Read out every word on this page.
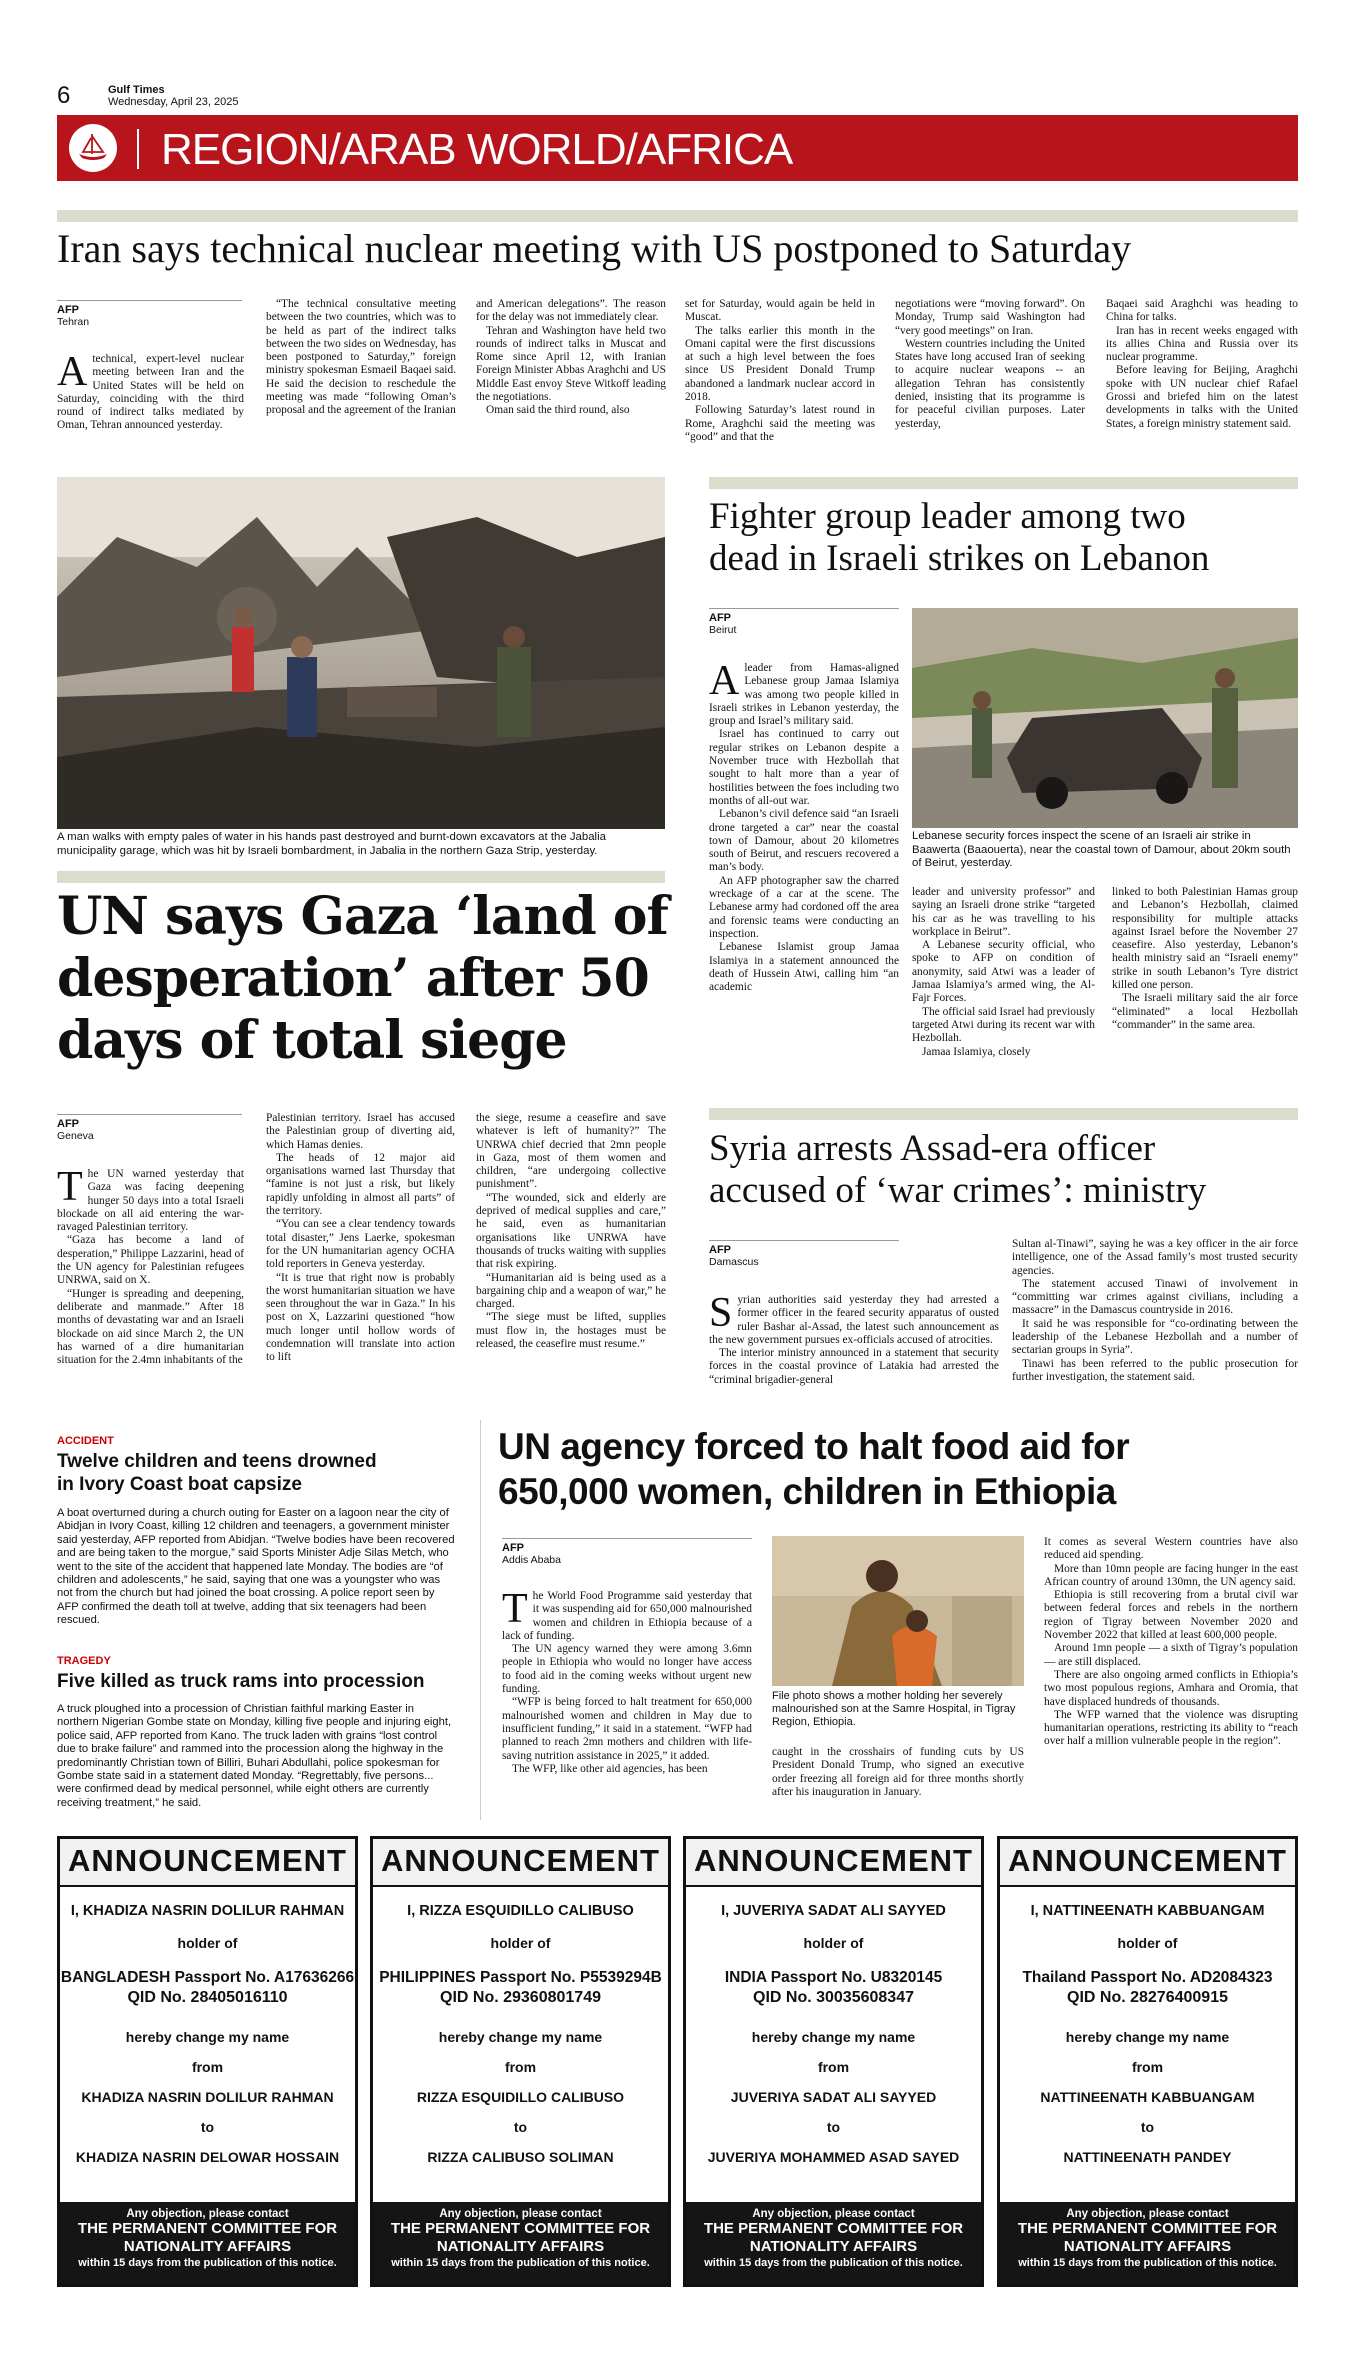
6	Gulf Times
Wednesday, April 23, 2025
REGION/ARAB WORLD/AFRICA
Iran says technical nuclear meeting with US postponed to Saturday
AFP
Tehran
Atechnical, expert-level nuclear meeting between Iran and the United States will be held on Saturday, coinciding with the third round of indirect talks mediated by Oman, Tehran announced yesterday.

“The technical consultative meeting between the two countries, which was to be held as part of the indirect talks between the two sides on Wednesday, has been postponed to Saturday,” foreign ministry spokesman Esmaeil Baqaei said. He said the decision to reschedule the meeting was made “following Oman’s proposal and the agreement of the Iranian

and American delegations”. The reason for the delay was not immediately clear.

Tehran and Washington have held two rounds of indirect talks in Muscat and Rome since April 12, with Iranian Foreign Minister Abbas Araghchi and US Middle East envoy Steve Witkoff leading the negotiations.

Oman said the third round, also

set for Saturday, would again be held in Muscat.

The talks earlier this month in the Omani capital were the first discussions at such a high level between the foes since US President Donald Trump abandoned a landmark nuclear accord in 2018.

Following Saturday’s latest round in Rome, Araghchi said the meeting was “good” and that the

negotiations were “moving forward”. On Monday, Trump said Washington had “very good meetings” on Iran.

Western countries including the United States have long accused Iran of seeking to acquire nuclear weapons -- an allegation Tehran has consistently denied, insisting that its programme is for peaceful civilian purposes. Later yesterday,

Baqaei said Araghchi was heading to China for talks.

Iran has in recent weeks engaged with its allies China and Russia over its nuclear programme.

Before leaving for Beijing, Araghchi spoke with UN nuclear chief Rafael Grossi and briefed him on the latest developments in talks with the United States, a foreign ministry statement said.

A man walks with empty pales of water in his hands past destroyed and burnt-down excavators at the Jabalia municipality garage, which was hit by Israeli bombardment, in Jabalia in the northern Gaza Strip, yesterday.
UN says Gaza ‘land of desperation’ after 50 days of total siege
AFP
Geneva
The UN warned yesterday that Gaza was facing deepening hunger 50 days into a total Israeli blockade on all aid entering the war-ravaged Palestinian territory.

“Gaza has become a land of desperation,” Philippe Lazzarini, head of the UN agency for Palestinian refugees UNRWA, said on X.

“Hunger is spreading and deepening, deliberate and manmade.” After 18 months of devastating war and an Israeli blockade on aid since March 2, the UN has warned of a dire humanitarian situation for the 2.4mn inhabitants of the

Palestinian territory. Israel has accused the Palestinian group of diverting aid, which Hamas denies.

The heads of 12 major aid organisations warned last Thursday that “famine is not just a risk, but likely rapidly unfolding in almost all parts” of the territory.

“You can see a clear tendency towards total disaster,” Jens Laerke, spokesman for the UN humanitarian agency OCHA told reporters in Geneva yesterday.

“It is true that right now is probably the worst humanitarian situation we have seen throughout the war in Gaza.” In his post on X, Lazzarini questioned “how much longer until hollow words of condemnation will translate into action to lift

the siege, resume a ceasefire and save whatever is left of humanity?” The UNRWA chief decried that 2mn people in Gaza, most of them women and children, “are undergoing collective punishment”.

“The wounded, sick and elderly are deprived of medical supplies and care,” he said, even as humanitarian organisations like UNRWA have thousands of trucks waiting with supplies that risk expiring.

“Humanitarian aid is being used as a bargaining chip and a weapon of war,” he charged.

“The siege must be lifted, supplies must flow in, the hostages must be released, the ceasefire must resume.”

Fighter group leader among two
dead in Israeli strikes on Lebanon
AFP
Beirut
Aleader from Hamas-aligned Lebanese group Jamaa Islamiya was among two people killed in Israeli strikes in Lebanon yesterday, the group and Israel’s military said.

Israel has continued to carry out regular strikes on Lebanon despite a November truce with Hezbollah that sought to halt more than a year of hostilities between the foes including two months of all-out war.

Lebanon’s civil defence said “an Israeli drone targeted a car” near the coastal town of Damour, about 20 kilometres south of Beirut, and rescuers recovered a man’s body.

An AFP photographer saw the charred wreckage of a car at the scene. The Lebanese army had cordoned off the area and forensic teams were conducting an inspection.

Lebanese Islamist group Jamaa Islamiya in a statement announced the death of Hussein Atwi, calling him “an academic

Lebanese security forces inspect the scene of an Israeli air strike in Baawerta (Baaouerta), near the coastal town of Damour, about 20km south of Beirut, yesterday.

leader and university professor” and saying an Israeli drone strike “targeted his car as he was travelling to his workplace in Beirut”.

A Lebanese security official, who spoke to AFP on condition of anonymity, said Atwi was a leader of Jamaa Islamiya’s armed wing, the Al-Fajr Forces.

The official said Israel had previously targeted Atwi during its recent war with Hezbollah.

Jamaa Islamiya, closely

linked to both Palestinian Hamas group and Lebanon’s Hezbollah, claimed responsibility for multiple attacks against Israel before the November 27 ceasefire. Also yesterday, Lebanon’s health ministry said an “Israeli enemy” strike in south Lebanon’s Tyre district killed one person.

The Israeli military said the air force “eliminated” a local Hezbollah “commander” in the same area.

Syria arrests Assad-era officer
accused of ‘war crimes’: ministry
AFP
Damascus
Syrian authorities said yesterday they had arrested a former officer in the feared security apparatus of ousted ruler Bashar al-Assad, the latest such announcement as the new government pursues ex-officials accused of atrocities.

The interior ministry announced in a statement that security forces in the coastal province of Latakia had arrested the “criminal brigadier-general

Sultan al-Tinawi”, saying he was a key officer in the air force intelligence, one of the Assad family’s most trusted security agencies.

The statement accused Tinawi of involvement in “committing war crimes against civilians, including a massacre” in the Damascus countryside in 2016.

It said he was responsible for “co-ordinating between the leadership of the Lebanese Hezbollah and a number of sectarian groups in Syria”.

Tinawi has been referred to the public prosecution for further investigation, the statement said.

ACCIDENT
Twelve children and teens drowned in Ivory Coast boat capsize
A boat overturned during a church outing for Easter on a lagoon near the city of Abidjan in Ivory Coast, killing 12 children and teenagers, a government minister said yesterday, AFP reported from Abidjan. “Twelve bodies have been recovered and are being taken to the morgue,” said Sports Minister Adje Silas Metch, who went to the site of the accident that happened late Monday. The bodies are “of children and adolescents,” he said, saying that one was a youngster who was not from the church but had joined the boat crossing. A police report seen by AFP confirmed the death toll at twelve, adding that six teenagers had been rescued.
TRAGEDY
Five killed as truck rams into procession
A truck ploughed into a procession of Christian faithful marking Easter in northern Nigerian Gombe state on Monday, killing five people and injuring eight, police said, AFP reported from Kano. The truck laden with grains “lost control due to brake failure” and rammed into the procession along the highway in the predominantly Christian town of Billiri, Buhari Abdullahi, police spokesman for Gombe state said in a statement dated Monday. “Regrettably, five persons... were confirmed dead by medical personnel, while eight others are currently receiving treatment,” he said.
UN agency forced to halt food aid for
650,000 women, children in Ethiopia
AFP
Addis Ababa
The World Food Programme said yesterday that it was suspending aid for 650,000 malnourished women and children in Ethiopia because of a lack of funding.

The UN agency warned they were among 3.6mn people in Ethiopia who would no longer have access to food aid in the coming weeks without urgent new funding.

“WFP is being forced to halt treatment for 650,000 malnourished women and children in May due to insufficient funding,” it said in a statement. “WFP had planned to reach 2mn mothers and children with life-saving nutrition assistance in 2025,” it added.

The WFP, like other aid agencies, has been

File photo shows a mother holding her severely malnourished son at the Samre Hospital, in Tigray Region, Ethiopia.

caught in the crosshairs of funding cuts by US President Donald Trump, who signed an executive order freezing all foreign aid for three months shortly after his inauguration in January.

It comes as several Western countries have also reduced aid spending.

More than 10mn people are facing hunger in the east African country of around 130mn, the UN agency said.

Ethiopia is still recovering from a brutal civil war between federal forces and rebels in the northern region of Tigray between November 2020 and November 2022 that killed at least 600,000 people.

Around 1mn people — a sixth of Tigray’s population — are still displaced.

There are also ongoing armed conflicts in Ethiopia’s two most populous regions, Amhara and Oromia, that have displaced hundreds of thousands.

The WFP warned that the violence was disrupting humanitarian operations, restricting its ability to “reach over half a million vulnerable people in the region”.

ANNOUNCEMENT
I, KHADIZA NASRIN DOLILUR RAHMAN
holder of
BANGLADESH Passport No. A17636266
QID No. 28405016110
hereby change my name
from
KHADIZA NASRIN DOLILUR RAHMAN
to
KHADIZA NASRIN DELOWAR HOSSAIN
Any objection, please contact
THE PERMANENT COMMITTEE FOR
NATIONALITY AFFAIRS
within 15 days from the publication of this notice.
ANNOUNCEMENT
I, RIZZA ESQUIDILLO CALIBUSO
holder of
PHILIPPINES Passport No. P5539294B
QID No. 29360801749
hereby change my name
from
RIZZA ESQUIDILLO CALIBUSO
to
RIZZA CALIBUSO SOLIMAN
Any objection, please contact
THE PERMANENT COMMITTEE FOR
NATIONALITY AFFAIRS
within 15 days from the publication of this notice.
ANNOUNCEMENT
I, JUVERIYA SADAT ALI SAYYED
holder of
INDIA Passport No. U8320145
QID No. 30035608347
hereby change my name
from
JUVERIYA SADAT ALI SAYYED
to
JUVERIYA MOHAMMED ASAD SAYED
Any objection, please contact
THE PERMANENT COMMITTEE FOR
NATIONALITY AFFAIRS
within 15 days from the publication of this notice.
ANNOUNCEMENT
I, NATTINEENATH KABBUANGAM
holder of
Thailand Passport No. AD2084323
QID No. 28276400915
hereby change my name
from
NATTINEENATH KABBUANGAM
to
NATTINEENATH PANDEY
Any objection, please contact
THE PERMANENT COMMITTEE FOR
NATIONALITY AFFAIRS
within 15 days from the publication of this notice.
